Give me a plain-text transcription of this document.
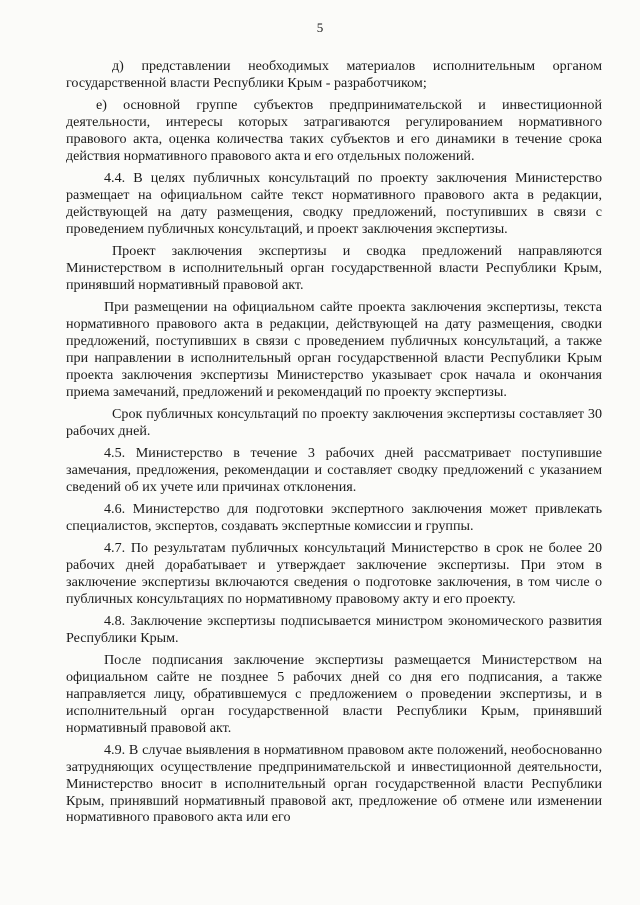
5

д) представлении необходимых материалов исполнительным органом государственной власти Республики Крым - разработчиком;

е) основной группе субъектов предпринимательской и инвестиционной деятельности, интересы которых затрагиваются регулированием нормативного правового акта, оценка количества таких субъектов и его динамики в течение срока действия нормативного правового акта и его отдельных положений.

4.4. В целях публичных консультаций по проекту заключения Министерство размещает на официальном сайте текст нормативного правового акта в редакции, действующей на дату размещения, сводку предложений, поступивших в связи с проведением публичных консультаций, и проект заключения экспертизы.

Проект заключения экспертизы и сводка предложений направляются Министерством в исполнительный орган государственной власти Республики Крым, принявший нормативный правовой акт.

При размещении на официальном сайте проекта заключения экспертизы, текста нормативного правового акта в редакции, действующей на дату размещения, сводки предложений, поступивших в связи с проведением публичных консультаций, а также при направлении в исполнительный орган государственной власти Республики Крым проекта заключения экспертизы Министерство указывает срок начала и окончания приема замечаний, предложений и рекомендаций по проекту экспертизы.

Срок публичных консультаций по проекту заключения экспертизы составляет 30 рабочих дней.

4.5. Министерство в течение 3 рабочих дней рассматривает поступившие замечания, предложения, рекомендации и составляет сводку предложений с указанием сведений об их учете или причинах отклонения.

4.6. Министерство для подготовки экспертного заключения может привлекать специалистов, экспертов, создавать экспертные комиссии и группы.

4.7. По результатам публичных консультаций Министерство в срок не более 20 рабочих дней дорабатывает и утверждает заключение экспертизы. При этом в заключение экспертизы включаются сведения о подготовке заключения, в том числе о публичных консультациях по нормативному правовому акту и его проекту.

4.8. Заключение экспертизы подписывается министром экономического развития Республики Крым.

После подписания заключение экспертизы размещается Министерством на официальном сайте не позднее 5 рабочих дней со дня его подписания, а также направляется лицу, обратившемуся с предложением о проведении экспертизы, и в исполнительный орган государственной власти Республики Крым, принявший нормативный правовой акт.

4.9. В случае выявления в нормативном правовом акте положений, необоснованно затрудняющих осуществление предпринимательской и инвестиционной деятельности, Министерство вносит в исполнительный орган государственной власти Республики Крым, принявший нормативный правовой акт, предложение об отмене или изменении нормативного правового акта или его
